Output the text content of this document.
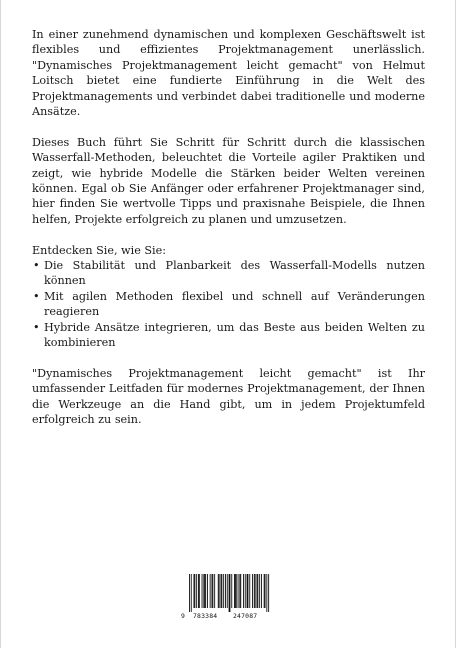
In einer zunehmend dynamischen und komplexen Geschäftswelt ist flexibles und effizientes Projektmanagement unerlässlich. "Dynamisches Projektmanagement leicht gemacht" von Helmut Loitsch bietet eine fundierte Einführung in die Welt des Projektmanagements und verbindet dabei traditionelle und moderne Ansätze.

Dieses Buch führt Sie Schritt für Schritt durch die klassischen Wasserfall-Methoden, beleuchtet die Vorteile agiler Praktiken und zeigt, wie hybride Modelle die Stärken beider Welten vereinen können. Egal ob Sie Anfänger oder erfahrener Projektmanager sind, hier finden Sie wertvolle Tipps und praxisnahe Beispiele, die Ihnen helfen, Projekte erfolgreich zu planen und umzusetzen.

Entdecken Sie, wie Sie:

• Die Stabilität und Planbarkeit des Wasserfall-Modells nutzen können
• Mit agilen Methoden flexibel und schnell auf Veränderungen reagieren
• Hybride Ansätze integrieren, um das Beste aus beiden Welten zu kombinieren

"Dynamisches Projektmanagement leicht gemacht" ist Ihr umfassender Leitfaden für modernes Projektmanagement, der Ihnen die Werkzeuge an die Hand gibt, um in jedem Projektumfeld erfolgreich zu sein.

9 783384 247087
